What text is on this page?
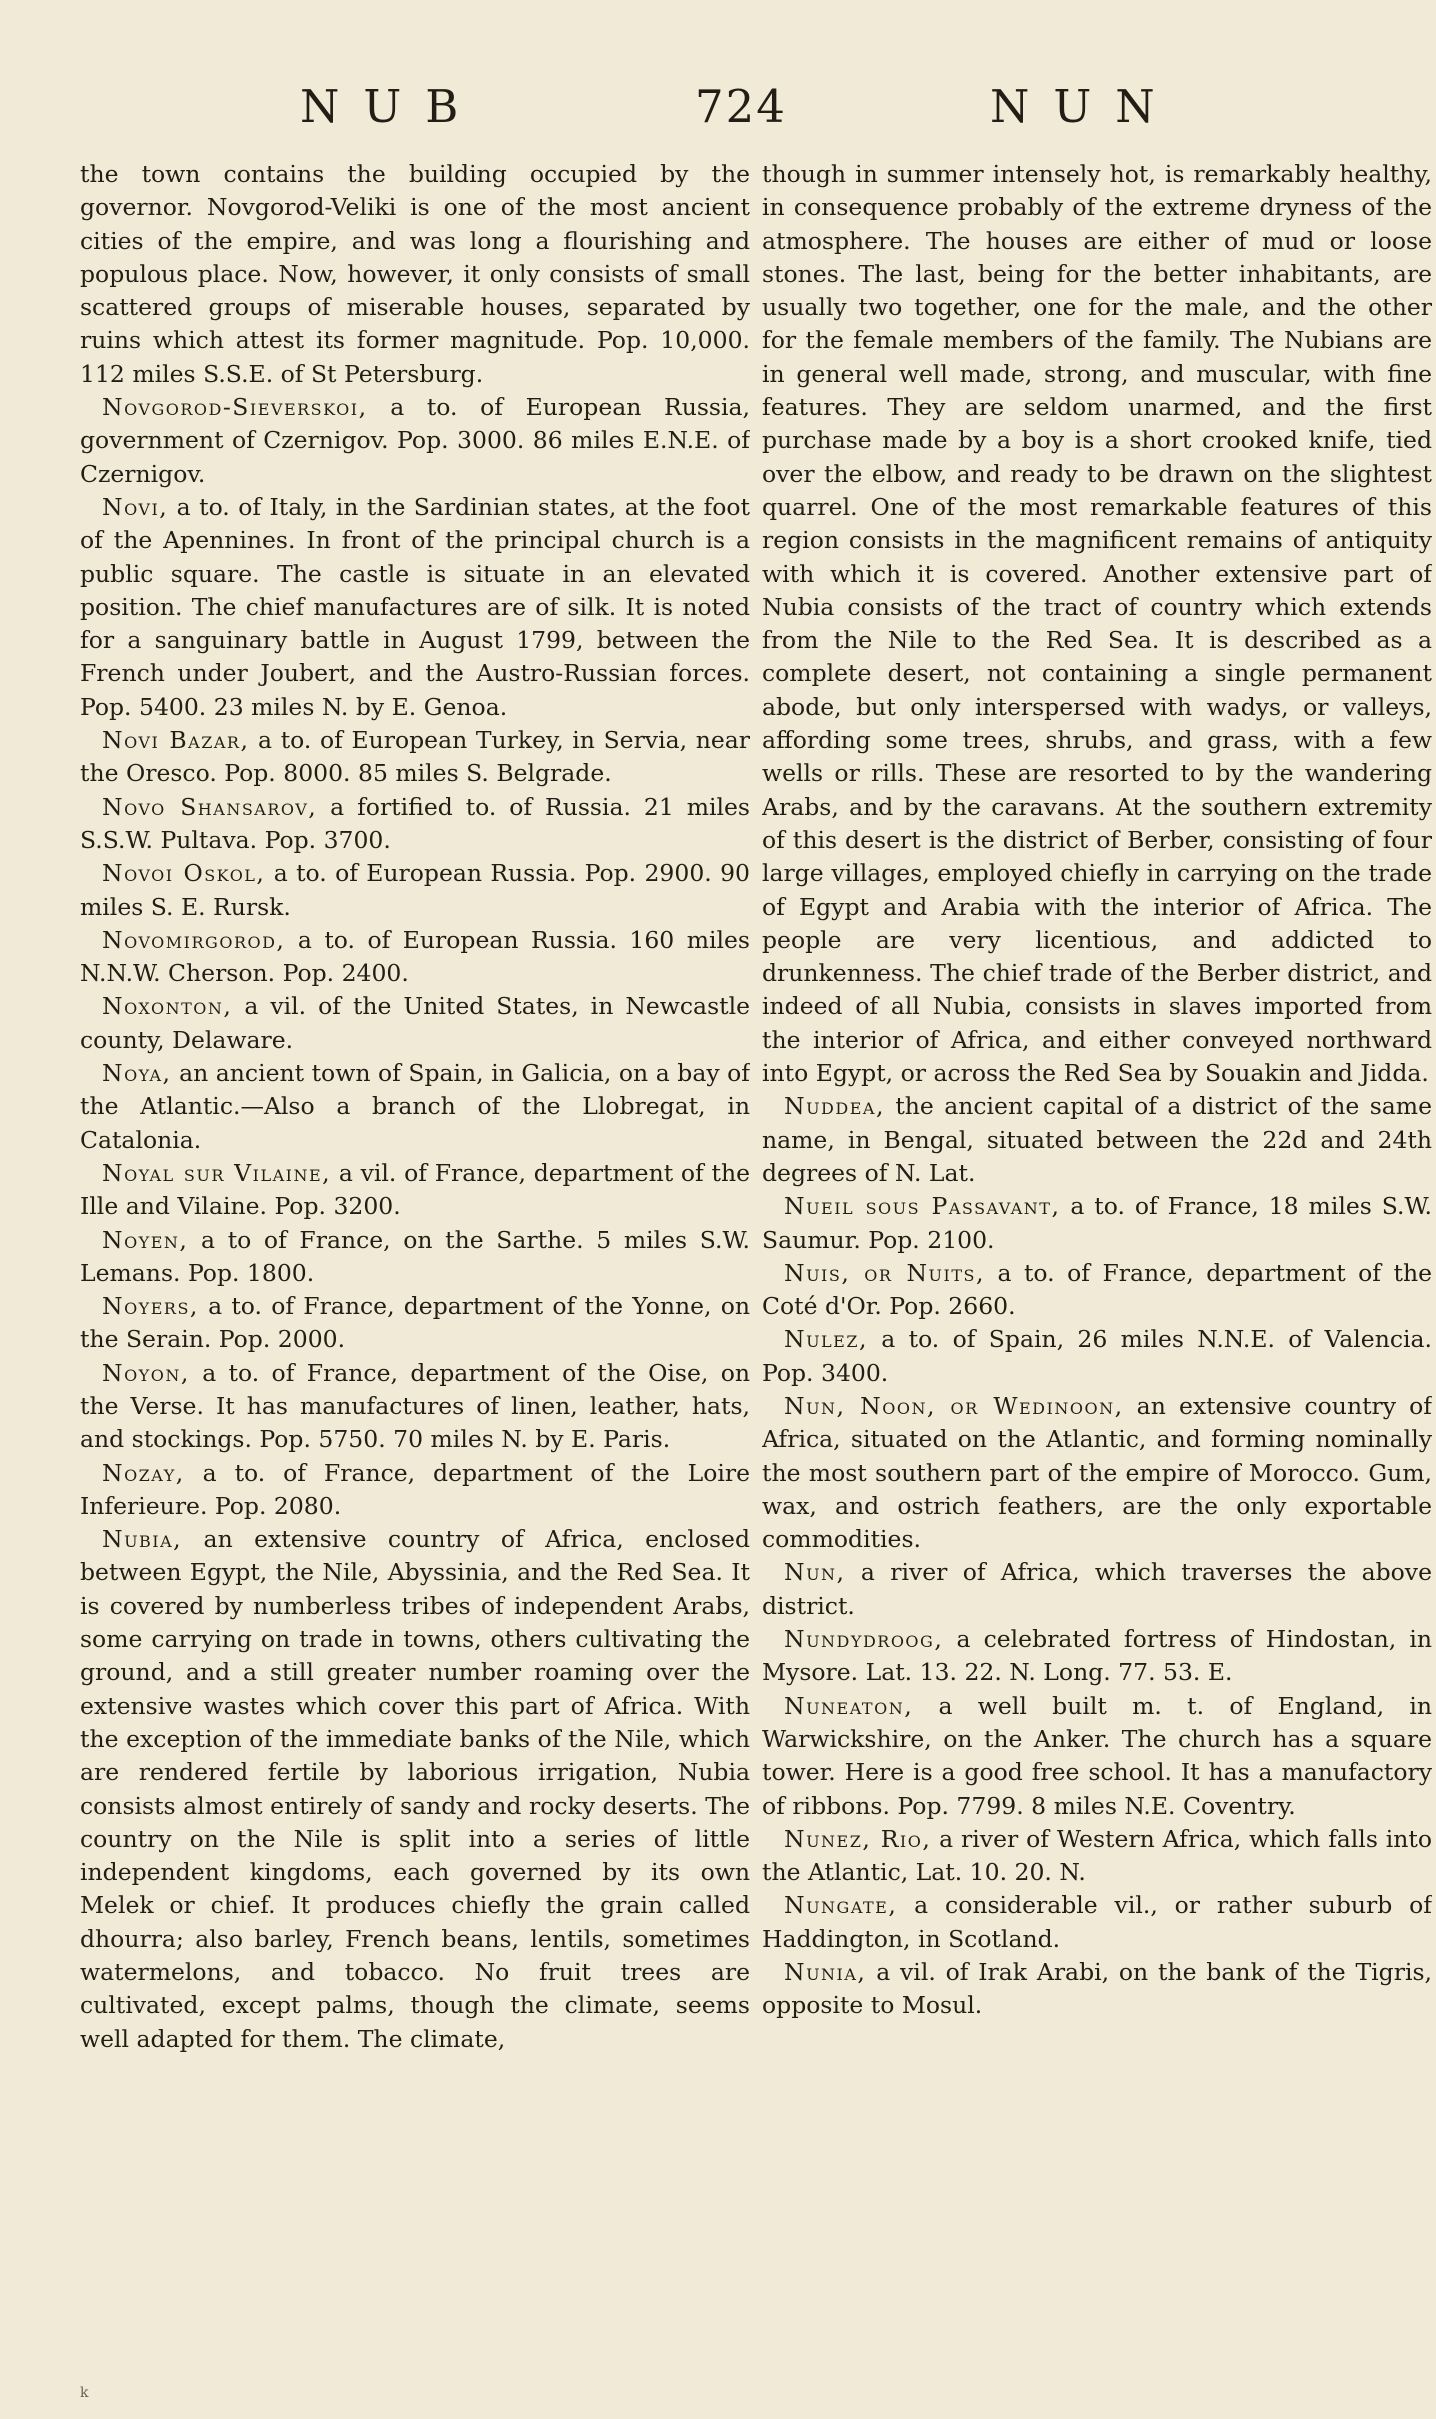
NUB	724	NUN

the town contains the building occupied by the governor. Novgorod-Veliki is one of the most ancient cities of the empire, and was long a flourishing and populous place. Now, however, it only consists of small scattered groups of miserable houses, separated by ruins which attest its former magnitude. Pop. 10,000. 112 miles S.S.E. of St Petersburg.

Novgorod-Sieverskoi, a to. of European Russia, government of Czernigov. Pop. 3000. 86 miles E.N.E. of Czernigov.

Novi, a to. of Italy, in the Sardinian states, at the foot of the Apennines. In front of the principal church is a public square. The castle is situate in an elevated position. The chief manufactures are of silk. It is noted for a sanguinary battle in August 1799, between the French under Joubert, and the Austro-Russian forces. Pop. 5400. 23 miles N. by E. Genoa.

Novi Bazar, a to. of European Turkey, in Servia, near the Oresco. Pop. 8000. 85 miles S. Belgrade.

Novo Shansarov, a fortified to. of Russia. 21 miles S.S.W. Pultava. Pop. 3700.

Novoi Oskol, a to. of European Russia. Pop. 2900. 90 miles S. E. Rursk.

Novomirgorod, a to. of European Russia. 160 miles N.N.W. Cherson. Pop. 2400.

Noxonton, a vil. of the United States, in Newcastle county, Delaware.

Noya, an ancient town of Spain, in Galicia, on a bay of the Atlantic.—Also a branch of the Llobregat, in Catalonia.

Noyal sur Vilaine, a vil. of France, department of the Ille and Vilaine. Pop. 3200.

Noyen, a to of France, on the Sarthe. 5 miles S.W. Lemans. Pop. 1800.

Noyers, a to. of France, department of the Yonne, on the Serain. Pop. 2000.

Noyon, a to. of France, department of the Oise, on the Verse. It has manufactures of linen, leather, hats, and stockings. Pop. 5750. 70 miles N. by E. Paris.

Nozay, a to. of France, department of the Loire Inferieure. Pop. 2080.

Nubia, an extensive country of Africa, enclosed between Egypt, the Nile, Abyssinia, and the Red Sea. It is covered by numberless tribes of independent Arabs, some carrying on trade in towns, others cultivating the ground, and a still greater number roaming over the extensive wastes which cover this part of Africa. With the exception of the immediate banks of the Nile, which are rendered fertile by laborious irrigation, Nubia consists almost entirely of sandy and rocky deserts. The country on the Nile is split into a series of little independent kingdoms, each governed by its own Melek or chief. It produces chiefly the grain called dhourra; also barley, French beans, lentils, sometimes watermelons, and tobacco. No fruit trees are cultivated, except palms, though the climate, seems well adapted for them. The climate,

though in summer intensely hot, is remarkably healthy, in consequence probably of the extreme dryness of the atmosphere. The houses are either of mud or loose stones. The last, being for the better inhabitants, are usually two together, one for the male, and the other for the female members of the family. The Nubians are in general well made, strong, and muscular, with fine features. They are seldom unarmed, and the first purchase made by a boy is a short crooked knife, tied over the elbow, and ready to be drawn on the slightest quarrel. One of the most remarkable features of this region consists in the magnificent remains of antiquity with which it is covered. Another extensive part of Nubia consists of the tract of country which extends from the Nile to the Red Sea. It is described as a complete desert, not containing a single permanent abode, but only interspersed with wadys, or valleys, affording some trees, shrubs, and grass, with a few wells or rills. These are resorted to by the wandering Arabs, and by the caravans. At the southern extremity of this desert is the district of Berber, consisting of four large villages, employed chiefly in carrying on the trade of Egypt and Arabia with the interior of Africa. The people are very licentious, and addicted to drunkenness. The chief trade of the Berber district, and indeed of all Nubia, consists in slaves imported from the interior of Africa, and either conveyed northward into Egypt, or across the Red Sea by Souakin and Jidda.

Nuddea, the ancient capital of a district of the same name, in Bengal, situated between the 22d and 24th degrees of N. Lat.

Nueil sous Passavant, a to. of France, 18 miles S.W. Saumur. Pop. 2100.

Nuis, or Nuits, a to. of France, department of the Coté d'Or. Pop. 2660.

Nulez, a to. of Spain, 26 miles N.N.E. of Valencia. Pop. 3400.

Nun, Noon, or Wedinoon, an extensive country of Africa, situated on the Atlantic, and forming nominally the most southern part of the empire of Morocco. Gum, wax, and ostrich feathers, are the only exportable commodities.

Nun, a river of Africa, which traverses the above district.

Nundydroog, a celebrated fortress of Hindostan, in Mysore. Lat. 13. 22. N. Long. 77. 53. E.

Nuneaton, a well built m. t. of England, in Warwickshire, on the Anker. The church has a square tower. Here is a good free school. It has a manufactory of ribbons. Pop. 7799. 8 miles N.E. Coventry.

Nunez, Rio, a river of Western Africa, which falls into the Atlantic, Lat. 10. 20. N.

Nungate, a considerable vil., or rather suburb of Haddington, in Scotland.

Nunia, a vil. of Irak Arabi, on the bank of the Tigris, opposite to Mosul.

k
